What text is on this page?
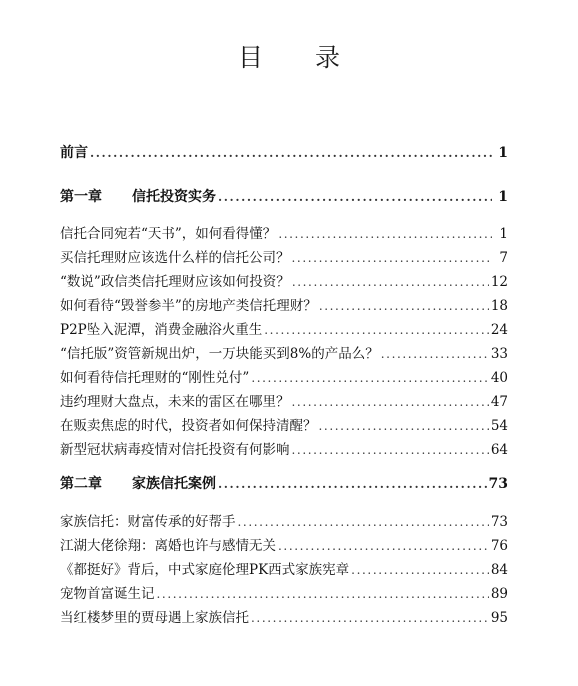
目 录
前言 .....	1
第一章 信托投资实务 .....	1
信托合同宛若“天书”，如何看得懂？ .....	1
买信托理财应该选什么样的信托公司？ .....	7
“数说”政信类信托理财应该如何投资？ .....	12
如何看待“毁誉参半”的房地产类信托理财？ .....	18
P2P坠入泥潭，消费金融浴火重生 .....	24
“信托版”资管新规出炉，一万块能买到8%的产品么？ .....	33
如何看待信托理财的“刚性兑付” .....	40
违约理财大盘点，未来的雷区在哪里？ .....	47
在贩卖焦虑的时代，投资者如何保持清醒？ .....	54
新型冠状病毒疫情对信托投资有何影响 .....	64
第二章 家族信托案例 .....	73
家族信托：财富传承的好帮手 .....	73
江湖大佬徐翔：离婚也许与感情无关 .....	76
《都挺好》背后，中式家庭伦理PK西式家族宪章 .....	84
宠物首富诞生记 .....	89
当红楼梦里的贾母遇上家族信托 .....	95
